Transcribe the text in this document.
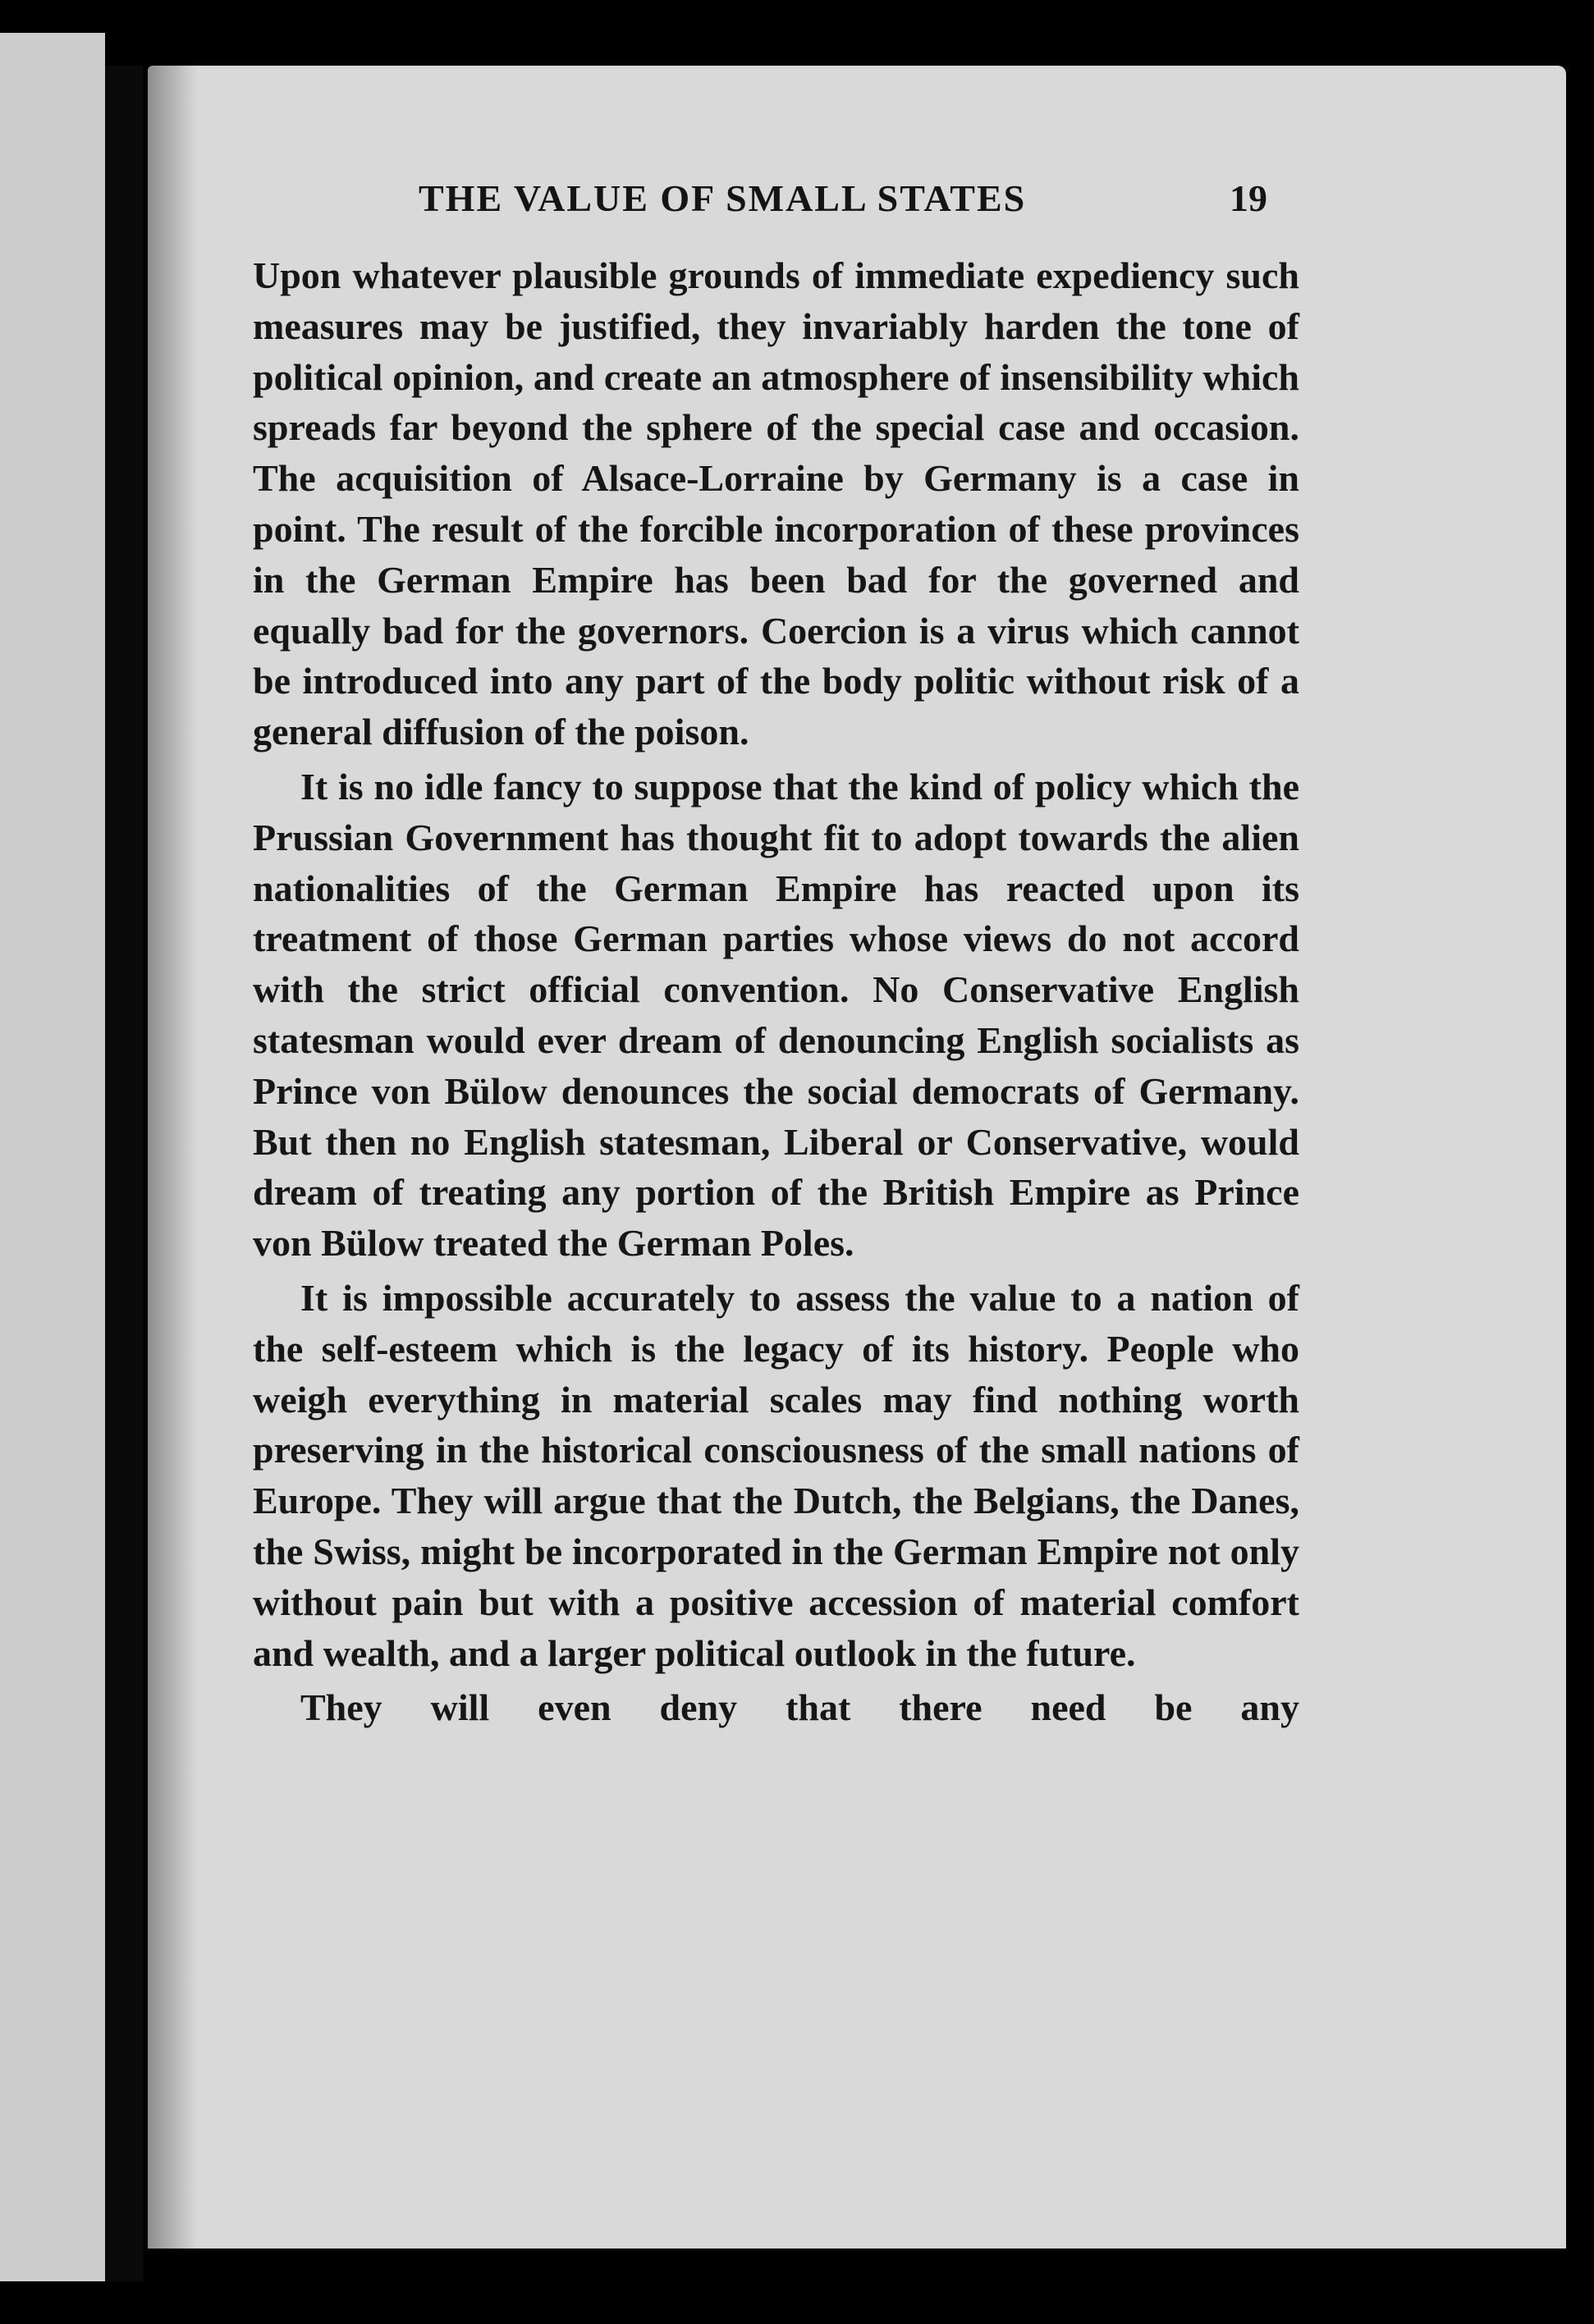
THE VALUE OF SMALL STATES	19

Upon whatever plausible grounds of immediate expediency such measures may be justified, they invariably harden the tone of political opinion, and create an atmosphere of insensibility which spreads far beyond the sphere of the special case and occasion. The acquisition of Alsace-Lorraine by Germany is a case in point. The result of the forcible incorporation of these provinces in the German Empire has been bad for the governed and equally bad for the governors. Coercion is a virus which cannot be introduced into any part of the body politic without risk of a general diffusion of the poison.

It is no idle fancy to suppose that the kind of policy which the Prussian Government has thought fit to adopt towards the alien nationalities of the German Empire has reacted upon its treatment of those German parties whose views do not accord with the strict official convention. No Conservative English statesman would ever dream of denouncing English socialists as Prince von Bülow denounces the social democrats of Germany. But then no English statesman, Liberal or Conservative, would dream of treating any portion of the British Empire as Prince von Bülow treated the German Poles.

It is impossible accurately to assess the value to a nation of the self-esteem which is the legacy of its history. People who weigh everything in material scales may find nothing worth preserving in the historical consciousness of the small nations of Europe. They will argue that the Dutch, the Belgians, the Danes, the Swiss, might be incorporated in the German Empire not only without pain but with a positive accession of material comfort and wealth, and a larger political outlook in the future.

They will even deny that there need be any
